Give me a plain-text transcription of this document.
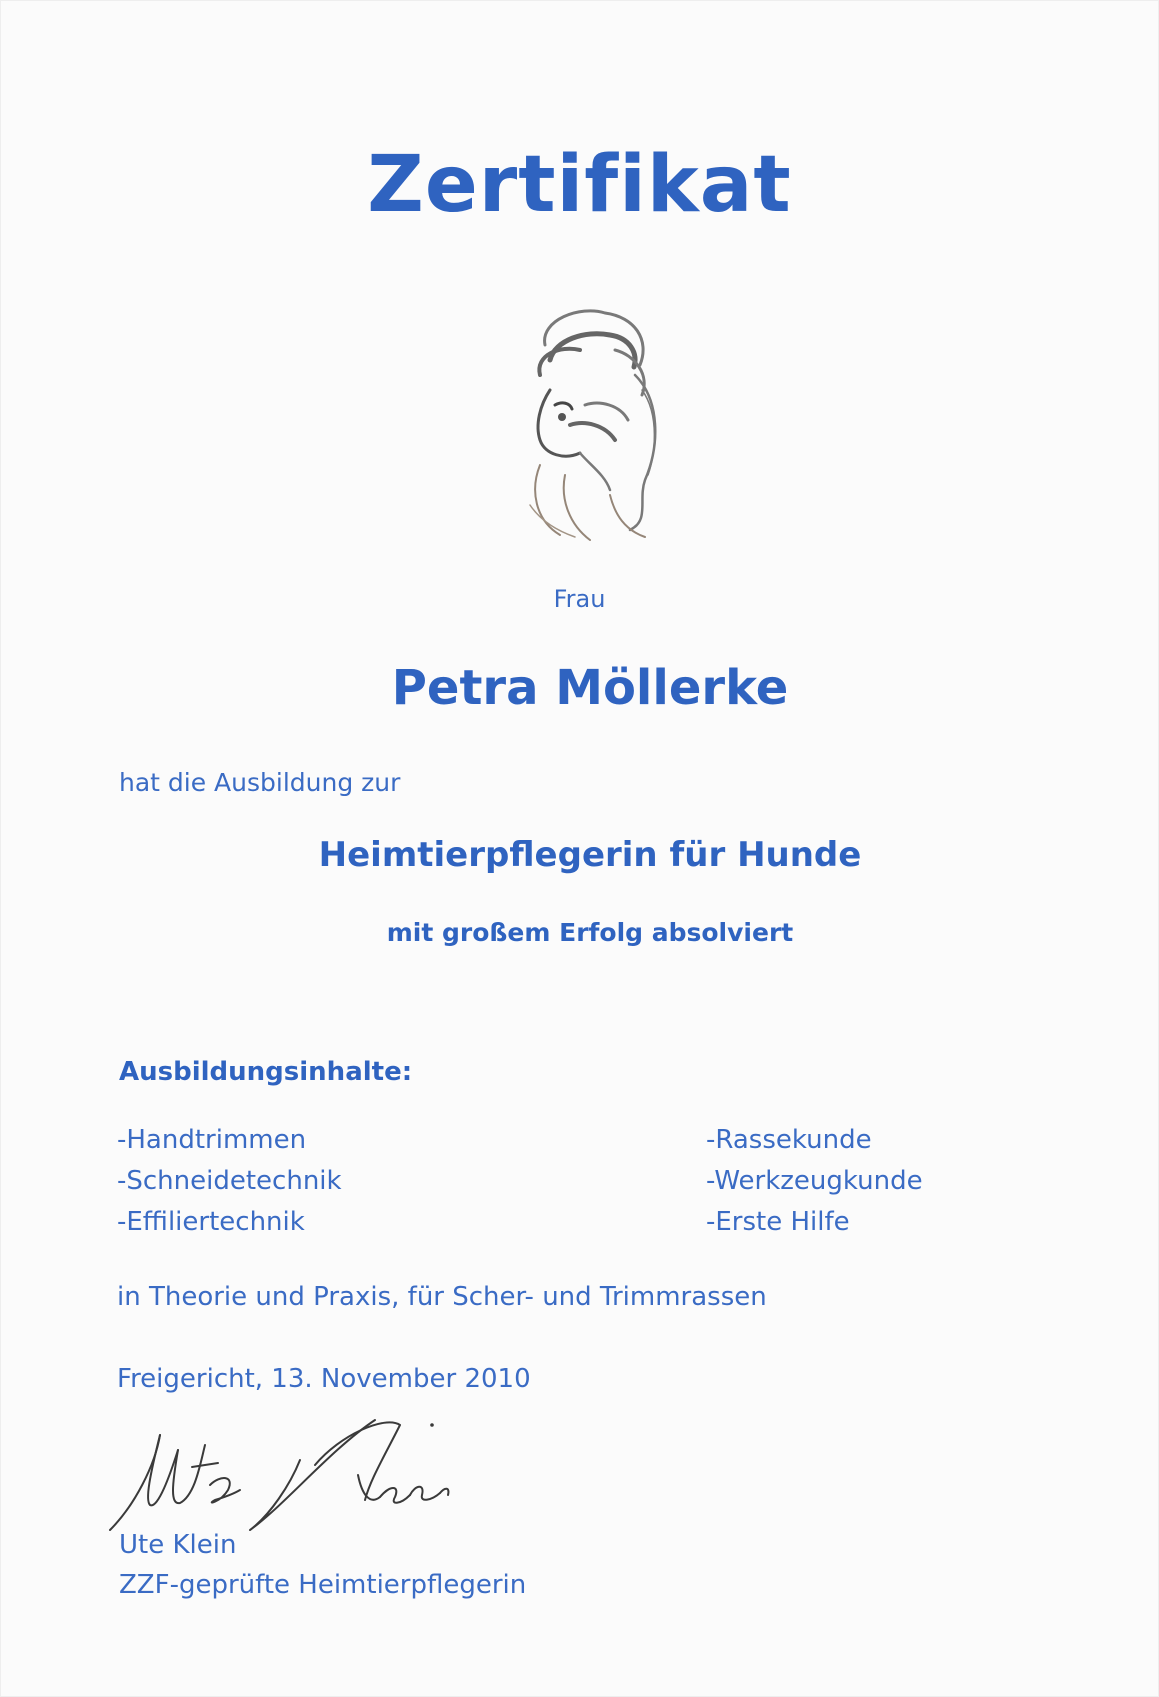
Zertifikat
Frau
Petra Möllerke
hat die Ausbildung zur
Heimtierpflegerin für Hunde
mit großem Erfolg absolviert
Ausbildungsinhalte:
-Handtrimmen
-Schneidetechnik
-Effiliertechnik
-Rassekunde
-Werkzeugkunde
-Erste Hilfe
in Theorie und Praxis, für Scher- und Trimmrassen
Freigericht, 13. November 2010
Ute Klein
ZZF-geprüfte Heimtierpflegerin
